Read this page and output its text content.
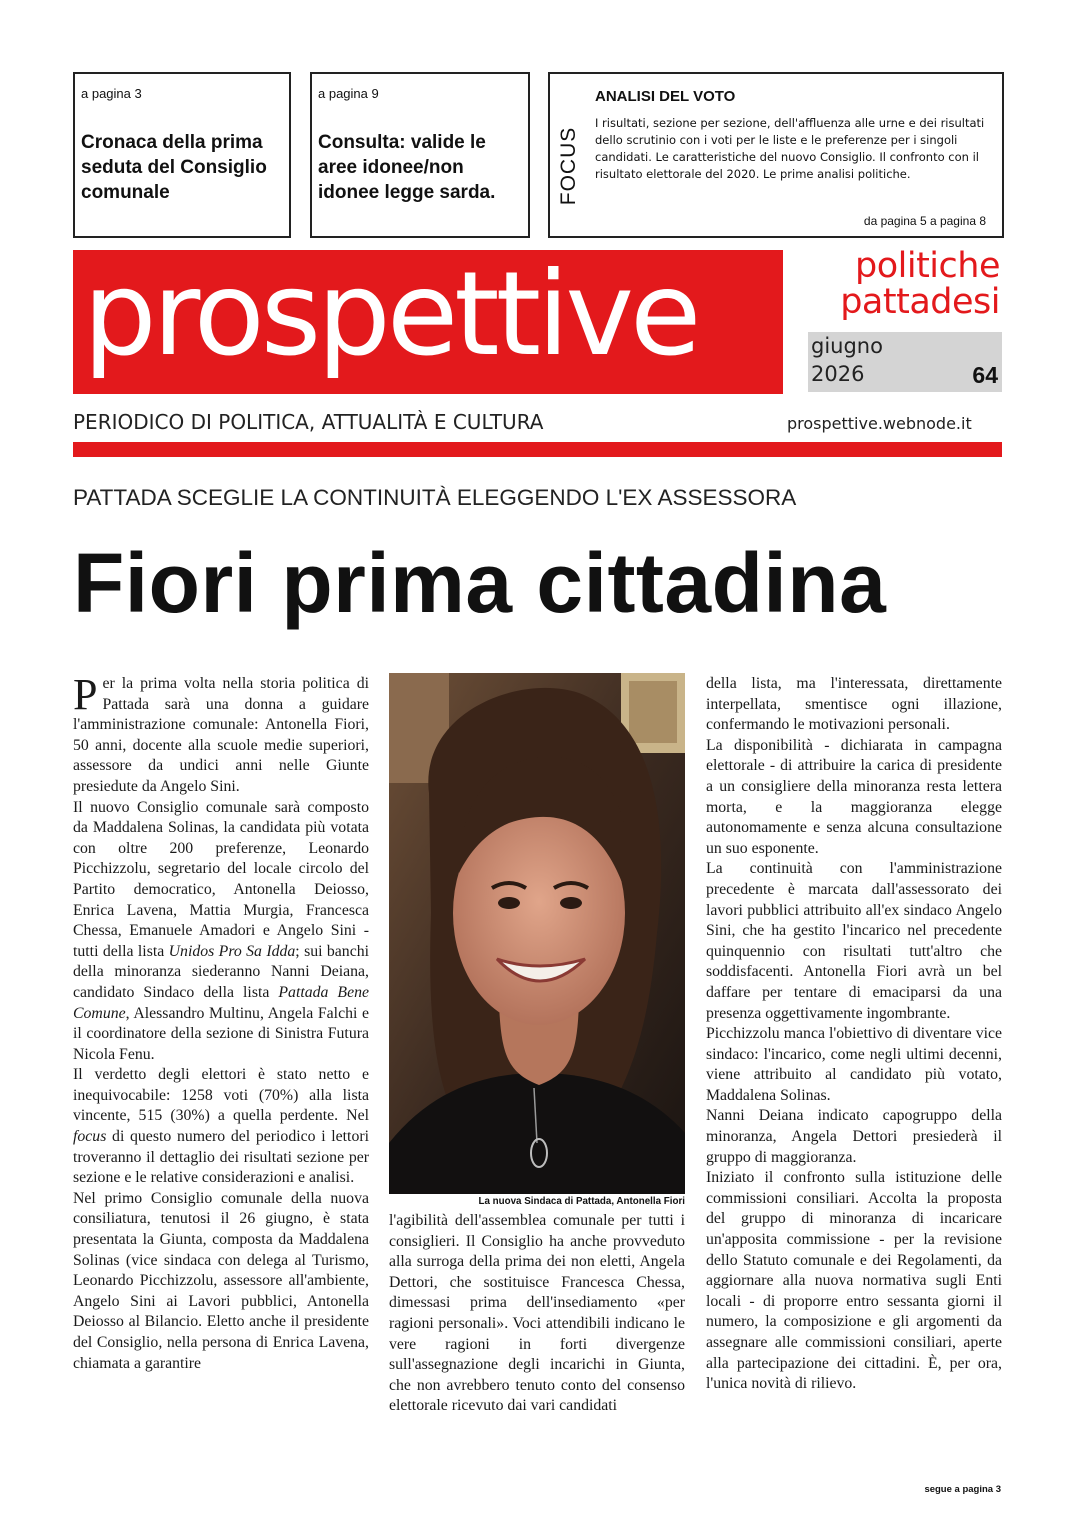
a pagina 3
Cronaca della prima seduta del Consiglio comunale
a pagina 9
Consulta: valide le aree idonee/non idonee legge sarda.	FOCUS
ANALISI DEL VOTO
I risultati, sezione per sezione, dell'affluenza alle urne e dei risultati dello scrutinio con i voti per le liste e le preferenze per i singoli candidati. Le caratteristiche del nuovo Consiglio. Il confronto con il risultato elettorale del 2020. Le prime analisi politiche.
da pagina 5 a pagina 8
prospettive	politiche
pattadesi
giugno
2026	64
PERIODICO DI POLITICA, ATTUALITÀ E CULTURA	prospettive.webnode.it
PATTADA SCEGLIE LA CONTINUITÀ ELEGGENDO L'EX ASSESSORA
Fiori prima cittadina

Per la prima volta nella storia politica di Pattada sarà una donna a guidare l'amministrazione comunale: Antonella Fiori, 50 anni, docente alla scuole medie superiori, assessore da undici anni nelle Giunte presiedute da Angelo Sini.

Il nuovo Consiglio comunale sarà composto da Maddalena Solinas, la candidata più votata con oltre 200 preferenze, Leonardo Picchizzolu, segretario del locale circolo del Partito democratico, Antonella Deiosso, Enrica Lavena, Mattia Murgia, Francesca Chessa, Emanuele Amadori e Angelo Sini - tutti della lista Unidos Pro Sa Idda; sui banchi della minoranza siederanno Nanni Deiana, candidato Sindaco della lista Pattada Bene Comune, Alessandro Multinu, Angela Falchi e il coordinatore della sezione di Sinistra Futura Nicola Fenu.

Il verdetto degli elettori è stato netto e inequivocabile: 1258 voti (70%) alla lista vincente, 515 (30%) a quella perdente. Nel focus di questo numero del periodico i lettori troveranno il dettaglio dei risultati sezione per sezione e le relative considerazioni e analisi.

Nel primo Consiglio comunale della nuova consiliatura, tenutosi il 26 giugno, è stata presentata la Giunta, composta da Maddalena Solinas (vice sindaca con delega al Turismo, Leonardo Picchizzolu, assessore all'ambiente, Angelo Sini ai Lavori pubblici, Antonella Deiosso al Bilancio. Eletto anche il presidente del Consiglio, nella persona di Enrica Lavena, chiamata a garantire

La nuova Sindaca di Pattada, Antonella Fiori

l'agibilità dell'assemblea comunale per tutti i consiglieri. Il Consiglio ha anche provveduto alla surroga della prima dei non eletti, Angela Dettori, che sostituisce Francesca Chessa, dimessasi prima dell'insediamento «per ragioni personali». Voci attendibili indicano le vere ragioni in forti divergenze sull'assegnazione degli incarichi in Giunta, che non avrebbero tenuto conto del consenso elettorale ricevuto dai vari candidati

della lista, ma l'interessata, direttamente interpellata, smentisce ogni illazione, confermando le motivazioni personali.

La disponibilità - dichiarata in campagna elettorale - di attribuire la carica di presidente a un consigliere della minoranza resta lettera morta, e la maggioranza elegge autonomamente e senza alcuna consultazione un suo esponente.

La continuità con l'amministrazione precedente è marcata dall'assessorato dei lavori pubblici attribuito all'ex sindaco Angelo Sini, che ha gestito l'incarico nel precedente quinquennio con risultati tutt'altro che soddisfacenti. Antonella Fiori avrà un bel daffare per tentare di emaciparsi da una presenza oggettivamente ingombrante.

Picchizzolu manca l'obiettivo di diventare vice sindaco: l'incarico, come negli ultimi decenni, viene attribuito al candidato più votato, Maddalena Solinas.

Nanni Deiana indicato capogruppo della minoranza, Angela Dettori presiederà il gruppo di maggioranza.

Iniziato il confronto sulla istituzione delle commissioni consiliari. Accolta la proposta del gruppo di minoranza di incaricare un'apposita commissione - per la revisione dello Statuto comunale e dei Regolamenti, da aggiornare alla nuova normativa sugli Enti locali - di proporre entro sessanta giorni il numero, la composizione e gli argomenti da assegnare alle commissioni consiliari, aperte alla partecipazione dei cittadini. È, per ora, l'unica novità di rilievo.

segue a pagina 3
